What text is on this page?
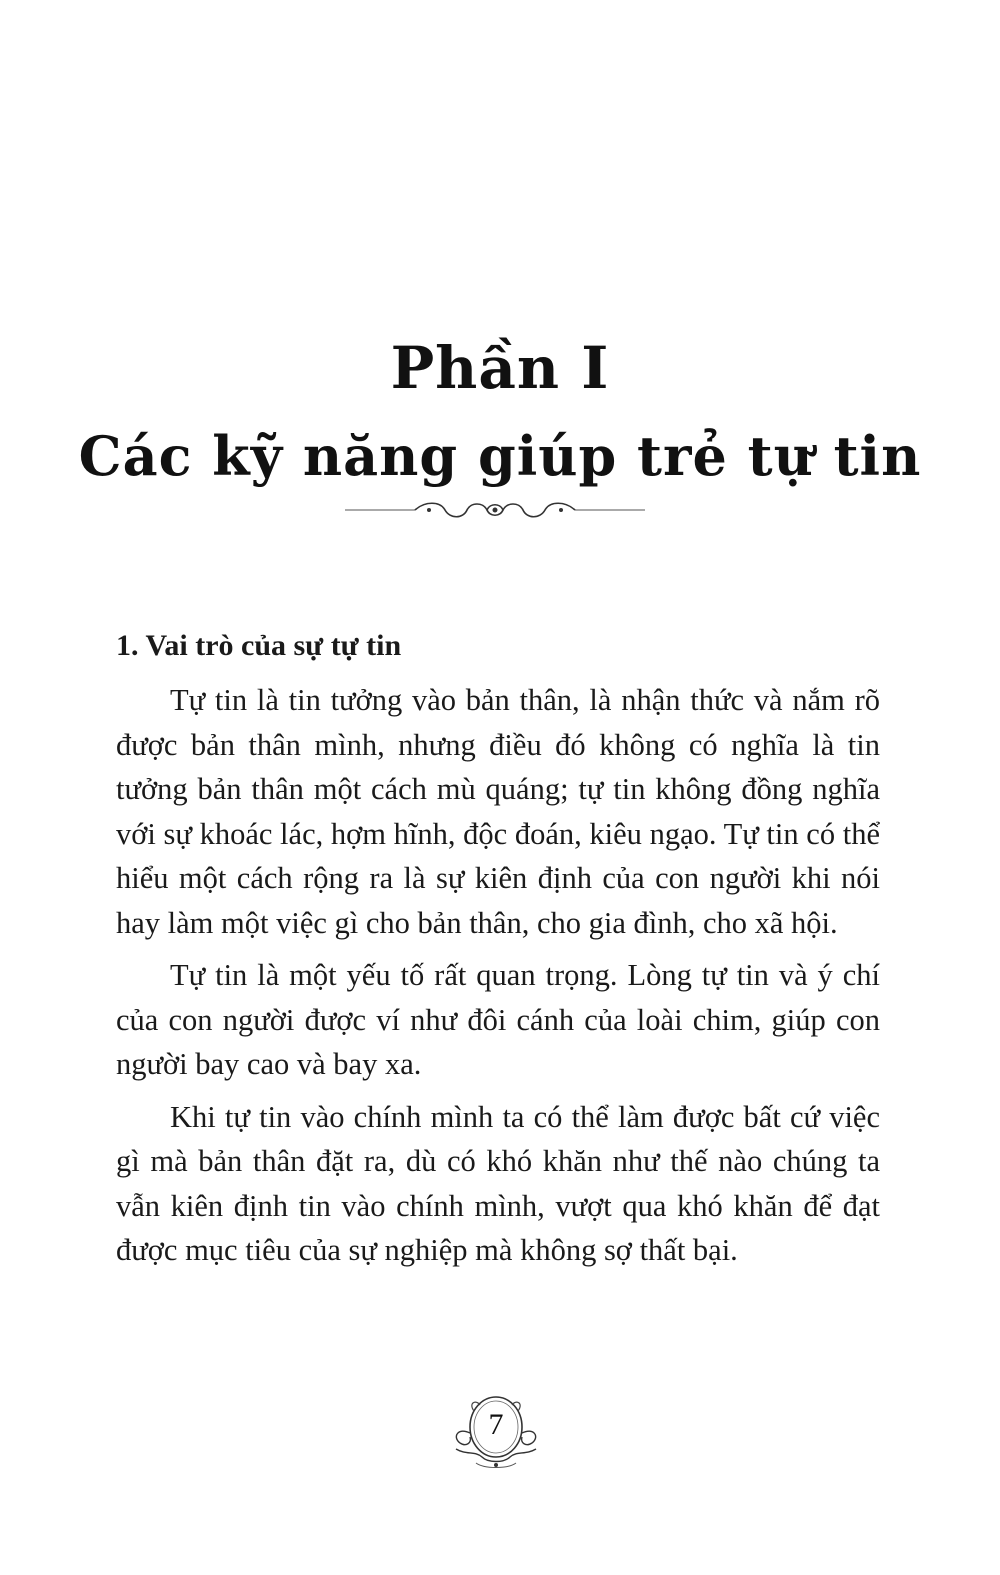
Phần I
Các kỹ năng giúp trẻ tự tin
1. Vai trò của sự tự tin

Tự tin là tin tưởng vào bản thân, là nhận thức và nắm rõ được bản thân mình, nhưng điều đó không có nghĩa là tin tưởng bản thân một cách mù quáng; tự tin không đồng nghĩa với sự khoác lác, hợm hĩnh, độc đoán, kiêu ngạo. Tự tin có thể hiểu một cách rộng ra là sự kiên định của con người khi nói hay làm một việc gì cho bản thân, cho gia đình, cho xã hội.

Tự tin là một yếu tố rất quan trọng. Lòng tự tin và ý chí của con người được ví như đôi cánh của loài chim, giúp con người bay cao và bay xa.

Khi tự tin vào chính mình ta có thể làm được bất cứ việc gì mà bản thân đặt ra, dù có khó khăn như thế nào chúng ta vẫn kiên định tin vào chính mình, vượt qua khó khăn để đạt được mục tiêu của sự nghiệp mà không sợ thất bại.

7
